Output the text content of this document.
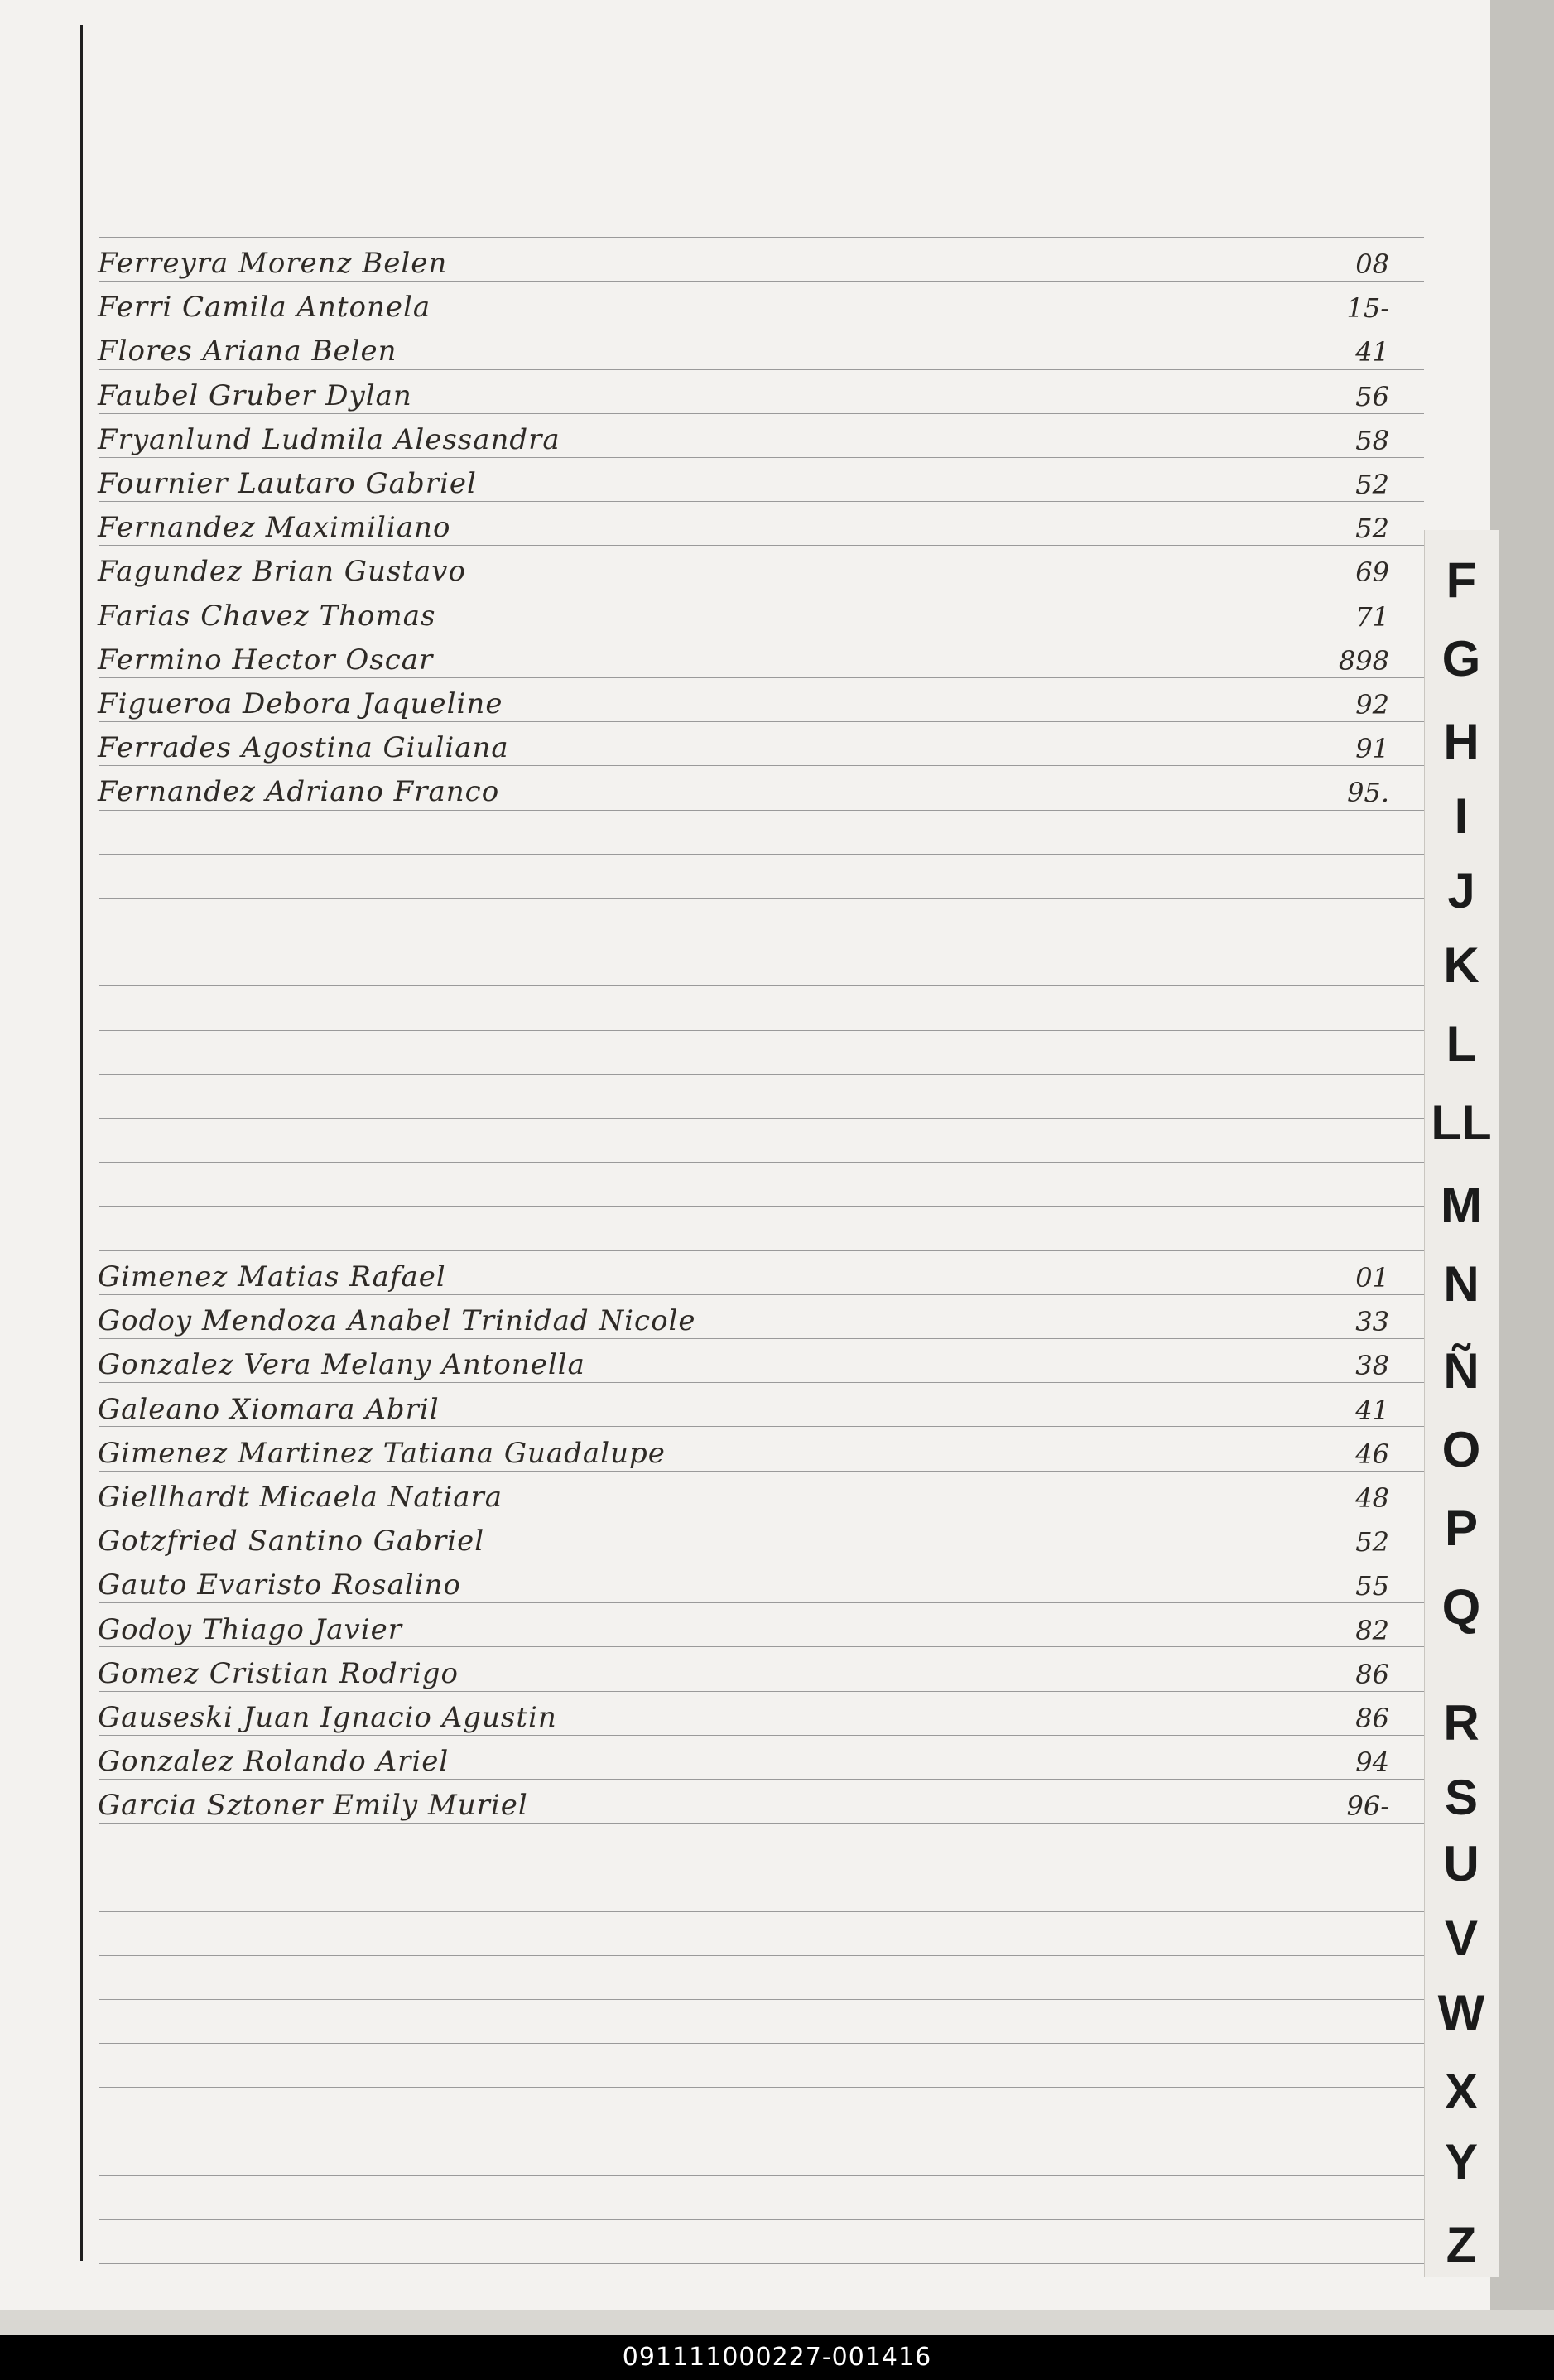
Ferreyra Morenz Belen	08
Ferri Camila Antonela	15-
Flores Ariana Belen	41
Faubel Gruber Dylan	56
Fryanlund Ludmila Alessandra	58
Fournier Lautaro Gabriel	52
Fernandez Maximiliano	52
Fagundez Brian Gustavo	69
Farias Chavez Thomas	71
Fermino Hector Oscar	898
Figueroa Debora Jaqueline	92
Ferrades Agostina Giuliana	91
Fernandez Adriano Franco	95.
Gimenez Matias Rafael	01
Godoy Mendoza Anabel Trinidad Nicole	33
Gonzalez Vera Melany Antonella	38
Galeano Xiomara Abril	41
Gimenez Martinez Tatiana Guadalupe	46
Giellhardt Micaela Natiara	48
Gotzfried Santino Gabriel	52
Gauto Evaristo Rosalino	55
Godoy Thiago Javier	82
Gomez Cristian Rodrigo	86
Gauseski Juan Ignacio Agustin	86
Gonzalez Rolando Ariel	94
Garcia Sztoner Emily Muriel	96-
F
G
H
I
J
K
L
LL
M
N
Ñ
O
P
Q
R
S
U
V
W
X
Y
Z
091111000227-001416
